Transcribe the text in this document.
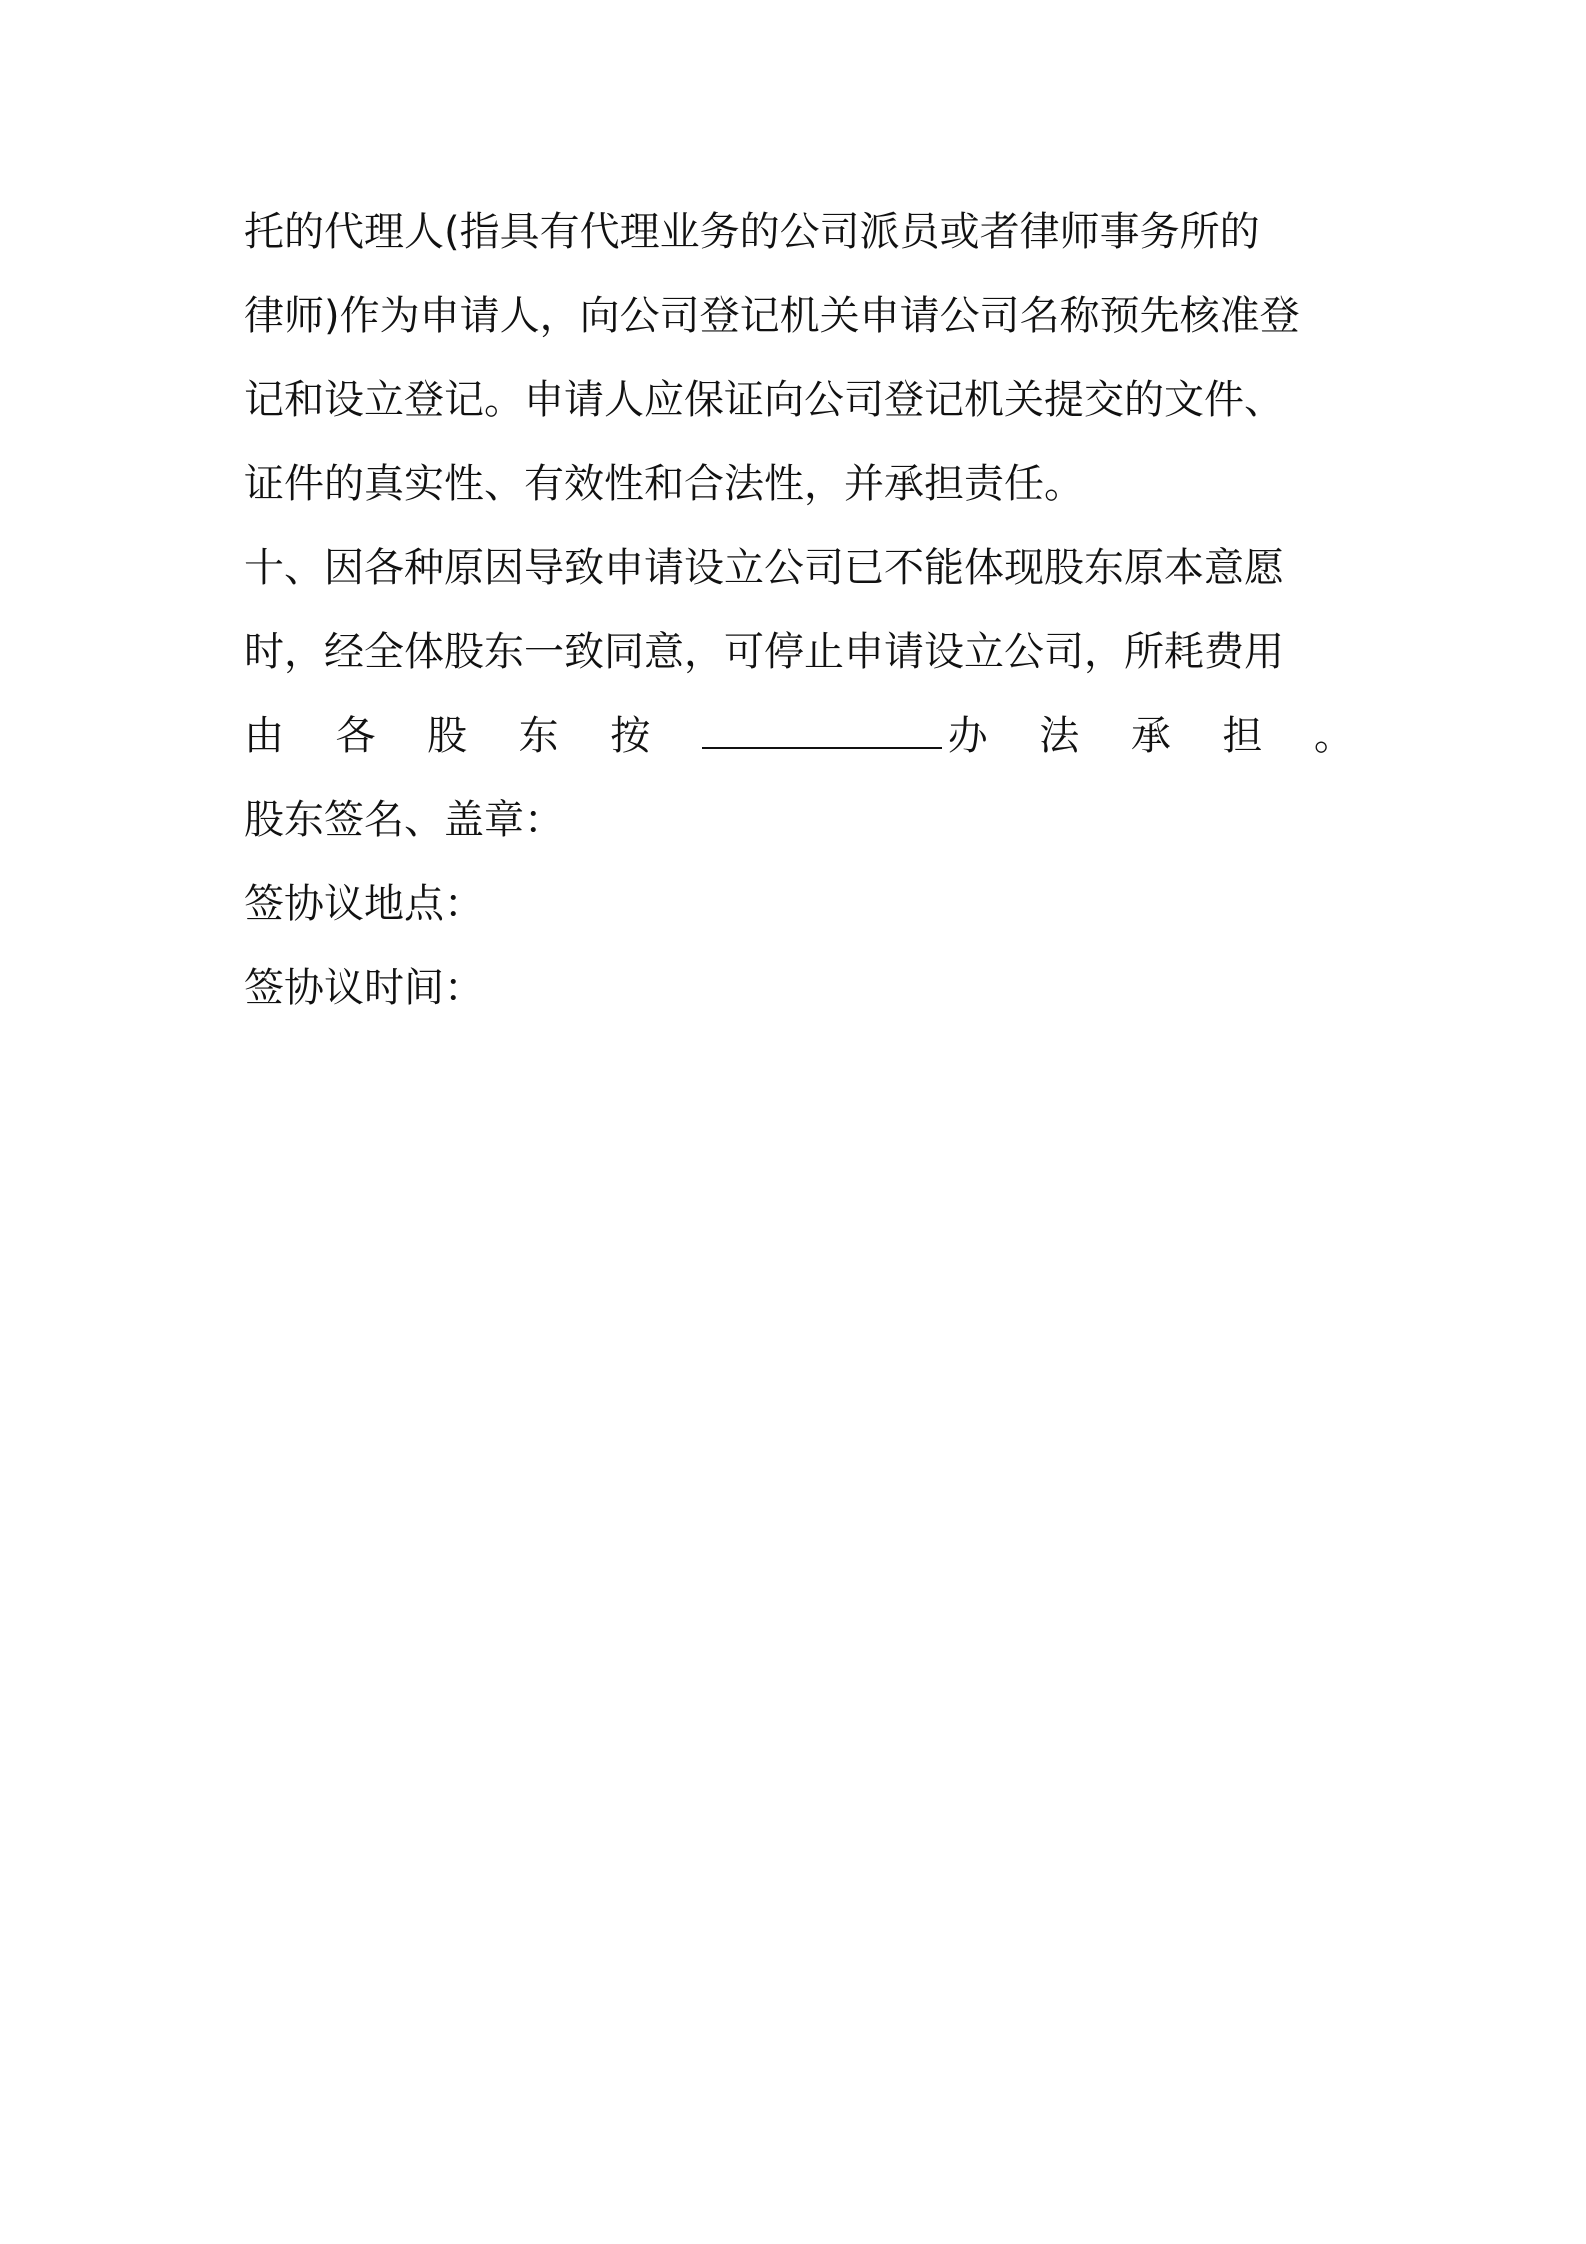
托的代理人(指具有代理业务的公司派员或者律师事务所的
律师)作为申请人，向公司登记机关申请公司名称预先核准登
记和设立登记。申请人应保证向公司登记机关提交的文件、
证件的真实性、有效性和合法性，并承担责任。
十、因各种原因导致申请设立公司已不能体现股东原本意愿
时，经全体股东一致同意，可停止申请设立公司，所耗费用
由 各 股 东 按	办 法 承 担 。
股东签名、盖章：
签协议地点：
签协议时间：
